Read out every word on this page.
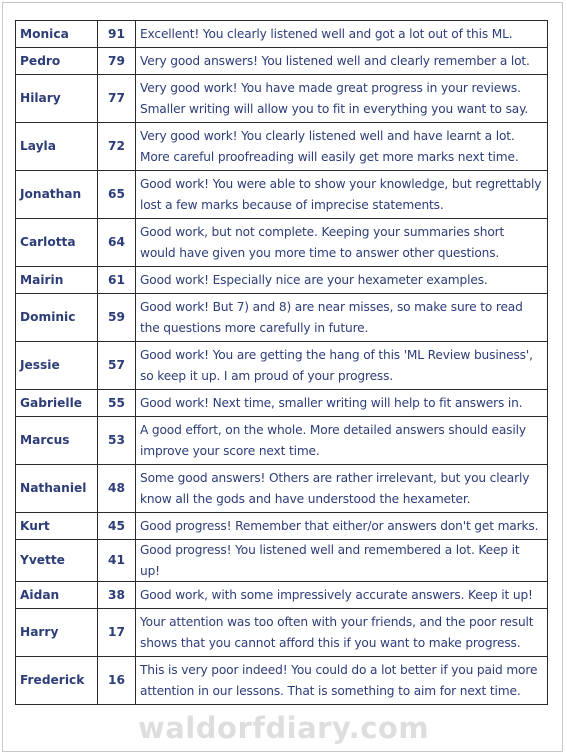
Monica	91	Excellent! You clearly listened well and got a lot out of this ML.
Pedro	79	Very good answers! You listened well and clearly remember a lot.
Hilary	77	Very good work! You have made great progress in your reviews. Smaller writing will allow you to fit in everything you want to say.
Layla	72	Very good work! You clearly listened well and have learnt a lot. More careful proofreading will easily get more marks next time.
Jonathan	65	Good work! You were able to show your knowledge, but regrettably lost a few marks because of imprecise statements.
Carlotta	64	Good work, but not complete. Keeping your summaries short would have given you more time to answer other questions.
Mairin	61	Good work! Especially nice are your hexameter examples.
Dominic	59	Good work! But 7) and 8) are near misses, so make sure to read the questions more carefully in future.
Jessie	57	Good work! You are getting the hang of this 'ML Review business', so keep it up. I am proud of your progress.
Gabrielle	55	Good work! Next time, smaller writing will help to fit answers in.
Marcus	53	A good effort, on the whole. More detailed answers should easily improve your score next time.
Nathaniel	48	Some good answers! Others are rather irrelevant, but you clearly know all the gods and have understood the hexameter.
Kurt	45	Good progress! Remember that either/or answers don't get marks.
Yvette	41	Good progress! You listened well and remembered a lot. Keep it up!
Aidan	38	Good work, with some impressively accurate answers. Keep it up!
Harry	17	Your attention was too often with your friends, and the poor result shows that you cannot afford this if you want to make progress.
Frederick	16	This is very poor indeed! You could do a lot better if you paid more attention in our lessons. That is something to aim for next time.
waldorfdiary.com
